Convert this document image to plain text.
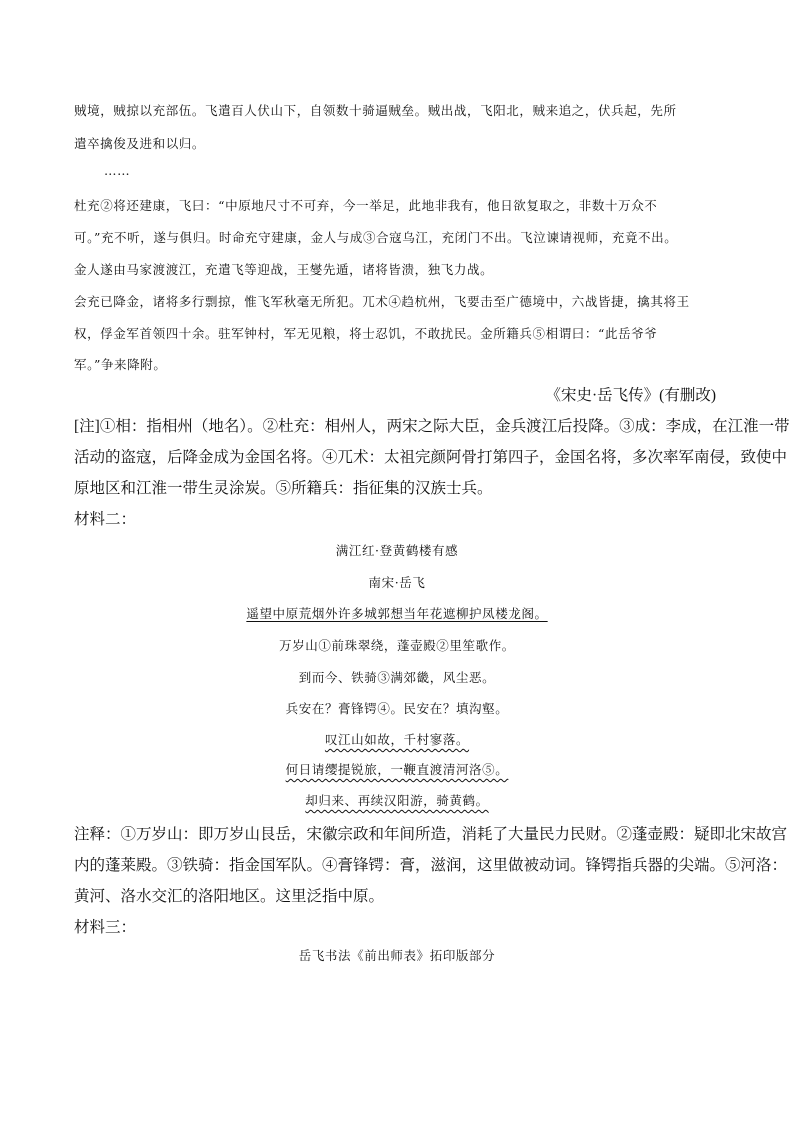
贼境，贼掠以充部伍。飞遣百人伏山下，自领数十骑逼贼垒。贼出战，飞阳北，贼来追之，伏兵起，先所
遣卒擒俊及进和以归。
……
杜充②将还建康，飞曰：“中原地尺寸不可弃，今一举足，此地非我有，他日欲复取之，非数十万众不
可。”充不听，遂与俱归。时命充守建康，金人与成③合寇乌江，充闭门不出。飞泣谏请视师，充竟不出。
金人遂由马家渡渡江，充遣飞等迎战，王燮先遁，诸将皆溃，独飞力战。
会充已降金，诸将多行剽掠，惟飞军秋毫无所犯。兀术④趋杭州，飞要击至广德境中，六战皆捷，擒其将王
权，俘金军首领四十余。驻军钟村，军无见粮，将士忍饥，不敢扰民。金所籍兵⑤相谓曰：“此岳爷爷
军。”争来降附。
《宋史·岳飞传》(有删改)
[注]①相：指相州（地名）。②杜充：相州人，两宋之际大臣，金兵渡江后投降。③成：李成，在江淮一带
活动的盗寇，后降金成为金国名将。④兀术：太祖完颜阿骨打第四子，金国名将，多次率军南侵，致使中
原地区和江淮一带生灵涂炭。⑤所籍兵：指征集的汉族士兵。
材料二：
满江红·登黄鹤楼有感
南宋·岳飞
遥望中原荒烟外许多城郭想当年花遮柳护凤楼龙阁。
万岁山①前珠翠绕，蓬壶殿②里笙歌作。
到而今、铁骑③满郊畿，风尘恶。
兵安在？膏锋锷④。民安在？填沟壑。
叹江山如故，千村寥落。
何日请缨提锐旅，一鞭直渡清河洛⑤。
却归来、再续汉阳游，骑黄鹤。
注释：①万岁山：即万岁山艮岳，宋徽宗政和年间所造，消耗了大量民力民财。②蓬壶殿：疑即北宋故宫
内的蓬莱殿。③铁骑：指金国军队。④膏锋锷：膏，滋润，这里做被动词。锋锷指兵器的尖端。⑤河洛：
黄河、洛水交汇的洛阳地区。这里泛指中原。
材料三：
岳飞书法《前出师表》拓印版部分
